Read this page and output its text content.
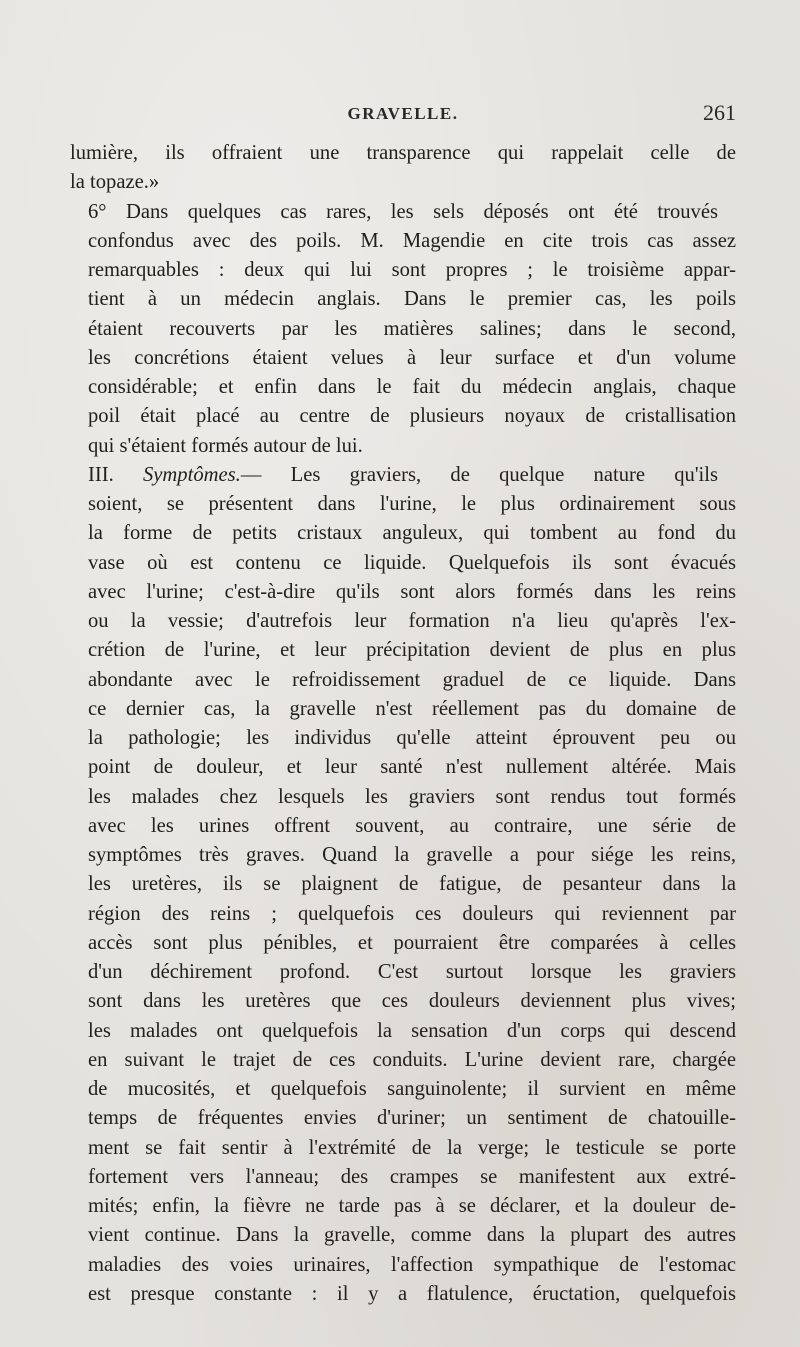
GRAVELLE.	261

lumière, ils offraient une transparence qui rappelait celle de
la topaze.»

6° Dans quelques cas rares, les sels déposés ont été trouvés
confondus avec des poils. M. Magendie en cite trois cas assez
remarquables : deux qui lui sont propres ; le troisième appar-
tient à un médecin anglais. Dans le premier cas, les poils
étaient recouverts par les matières salines; dans le second,
les concrétions étaient velues à leur surface et d'un volume
considérable; et enfin dans le fait du médecin anglais, chaque
poil était placé au centre de plusieurs noyaux de cristallisation
qui s'étaient formés autour de lui.

III. Symptômes.— Les graviers, de quelque nature qu'ils
soient, se présentent dans l'urine, le plus ordinairement sous
la forme de petits cristaux anguleux, qui tombent au fond du
vase où est contenu ce liquide. Quelquefois ils sont évacués
avec l'urine; c'est-à-dire qu'ils sont alors formés dans les reins
ou la vessie; d'autrefois leur formation n'a lieu qu'après l'ex-
crétion de l'urine, et leur précipitation devient de plus en plus
abondante avec le refroidissement graduel de ce liquide. Dans
ce dernier cas, la gravelle n'est réellement pas du domaine de
la pathologie; les individus qu'elle atteint éprouvent peu ou
point de douleur, et leur santé n'est nullement altérée. Mais
les malades chez lesquels les graviers sont rendus tout formés
avec les urines offrent souvent, au contraire, une série de
symptômes très graves. Quand la gravelle a pour siége les reins,
les uretères, ils se plaignent de fatigue, de pesanteur dans la
région des reins ; quelquefois ces douleurs qui reviennent par
accès sont plus pénibles, et pourraient être comparées à celles
d'un déchirement profond. C'est surtout lorsque les graviers
sont dans les uretères que ces douleurs deviennent plus vives;
les malades ont quelquefois la sensation d'un corps qui descend
en suivant le trajet de ces conduits. L'urine devient rare, chargée
de mucosités, et quelquefois sanguinolente; il survient en même
temps de fréquentes envies d'uriner; un sentiment de chatouille-
ment se fait sentir à l'extrémité de la verge; le testicule se porte
fortement vers l'anneau; des crampes se manifestent aux extré-
mités; enfin, la fièvre ne tarde pas à se déclarer, et la douleur de-
vient continue. Dans la gravelle, comme dans la plupart des autres
maladies des voies urinaires, l'affection sympathique de l'estomac
est presque constante : il y a flatulence, éructation, quelquefois
